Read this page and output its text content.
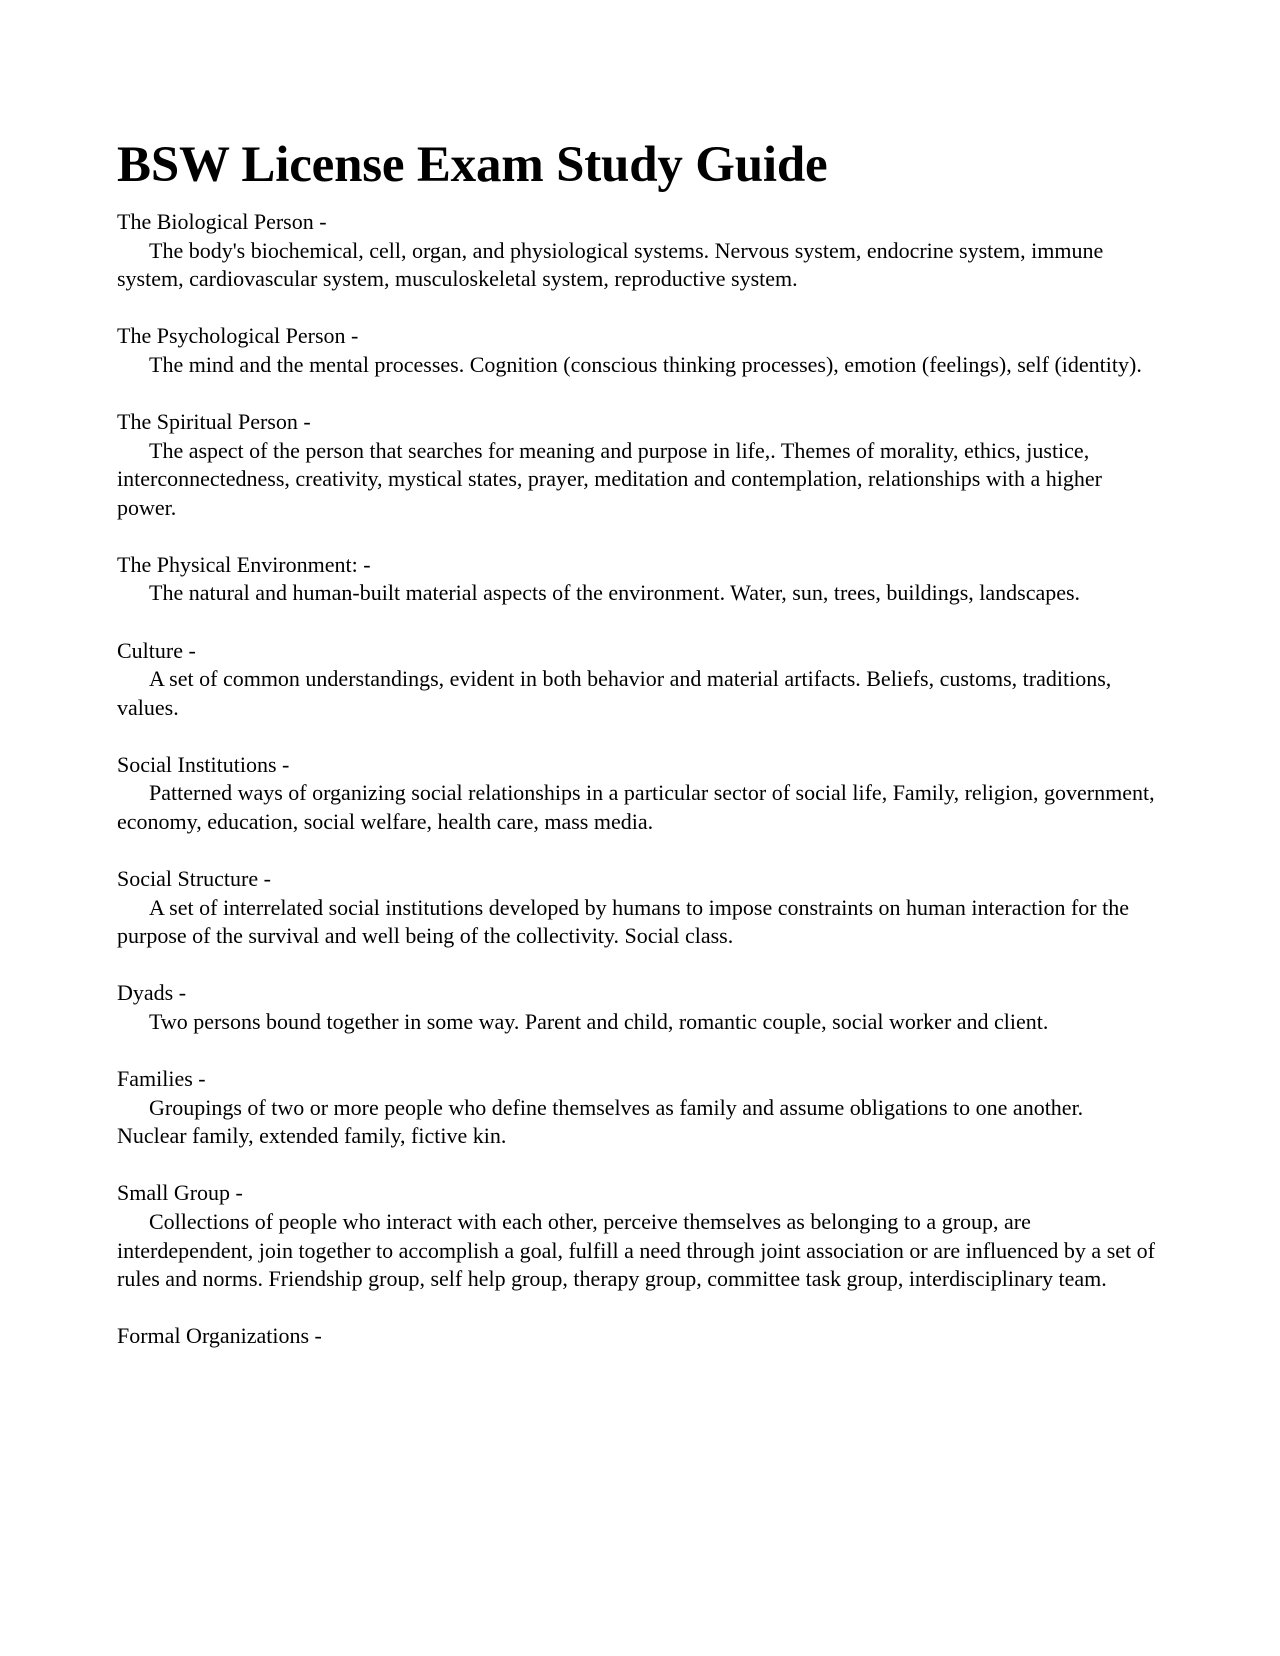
BSW License Exam Study Guide

The Biological Person -

The body's biochemical, cell, organ, and physiological systems. Nervous system, endocrine system, immune system, cardiovascular system, musculoskeletal system, reproductive system.

The Psychological Person -

The mind and the mental processes. Cognition (conscious thinking processes), emotion (feelings), self (identity).

The Spiritual Person -

The aspect of the person that searches for meaning and purpose in life,. Themes of morality, ethics, justice, interconnectedness, creativity, mystical states, prayer, meditation and contemplation, relationships with a higher power.

The Physical Environment: -

The natural and human-built material aspects of the environment. Water, sun, trees, buildings, landscapes.

Culture -

A set of common understandings, evident in both behavior and material artifacts. Beliefs, customs, traditions, values.

Social Institutions -

Patterned ways of organizing social relationships in a particular sector of social life, Family, religion, government, economy, education, social welfare, health care, mass media.

Social Structure -

A set of interrelated social institutions developed by humans to impose constraints on human interaction for the purpose of the survival and well being of the collectivity. Social class.

Dyads -

Two persons bound together in some way. Parent and child, romantic couple, social worker and client.

Families -

Groupings of two or more people who define themselves as family and assume obligations to one another. Nuclear family, extended family, fictive kin.

Small Group -

Collections of people who interact with each other, perceive themselves as belonging to a group, are interdependent, join together to accomplish a goal, fulfill a need through joint association or are influenced by a set of rules and norms. Friendship group, self help group, therapy group, committee task group, interdisciplinary team.

Formal Organizations -
